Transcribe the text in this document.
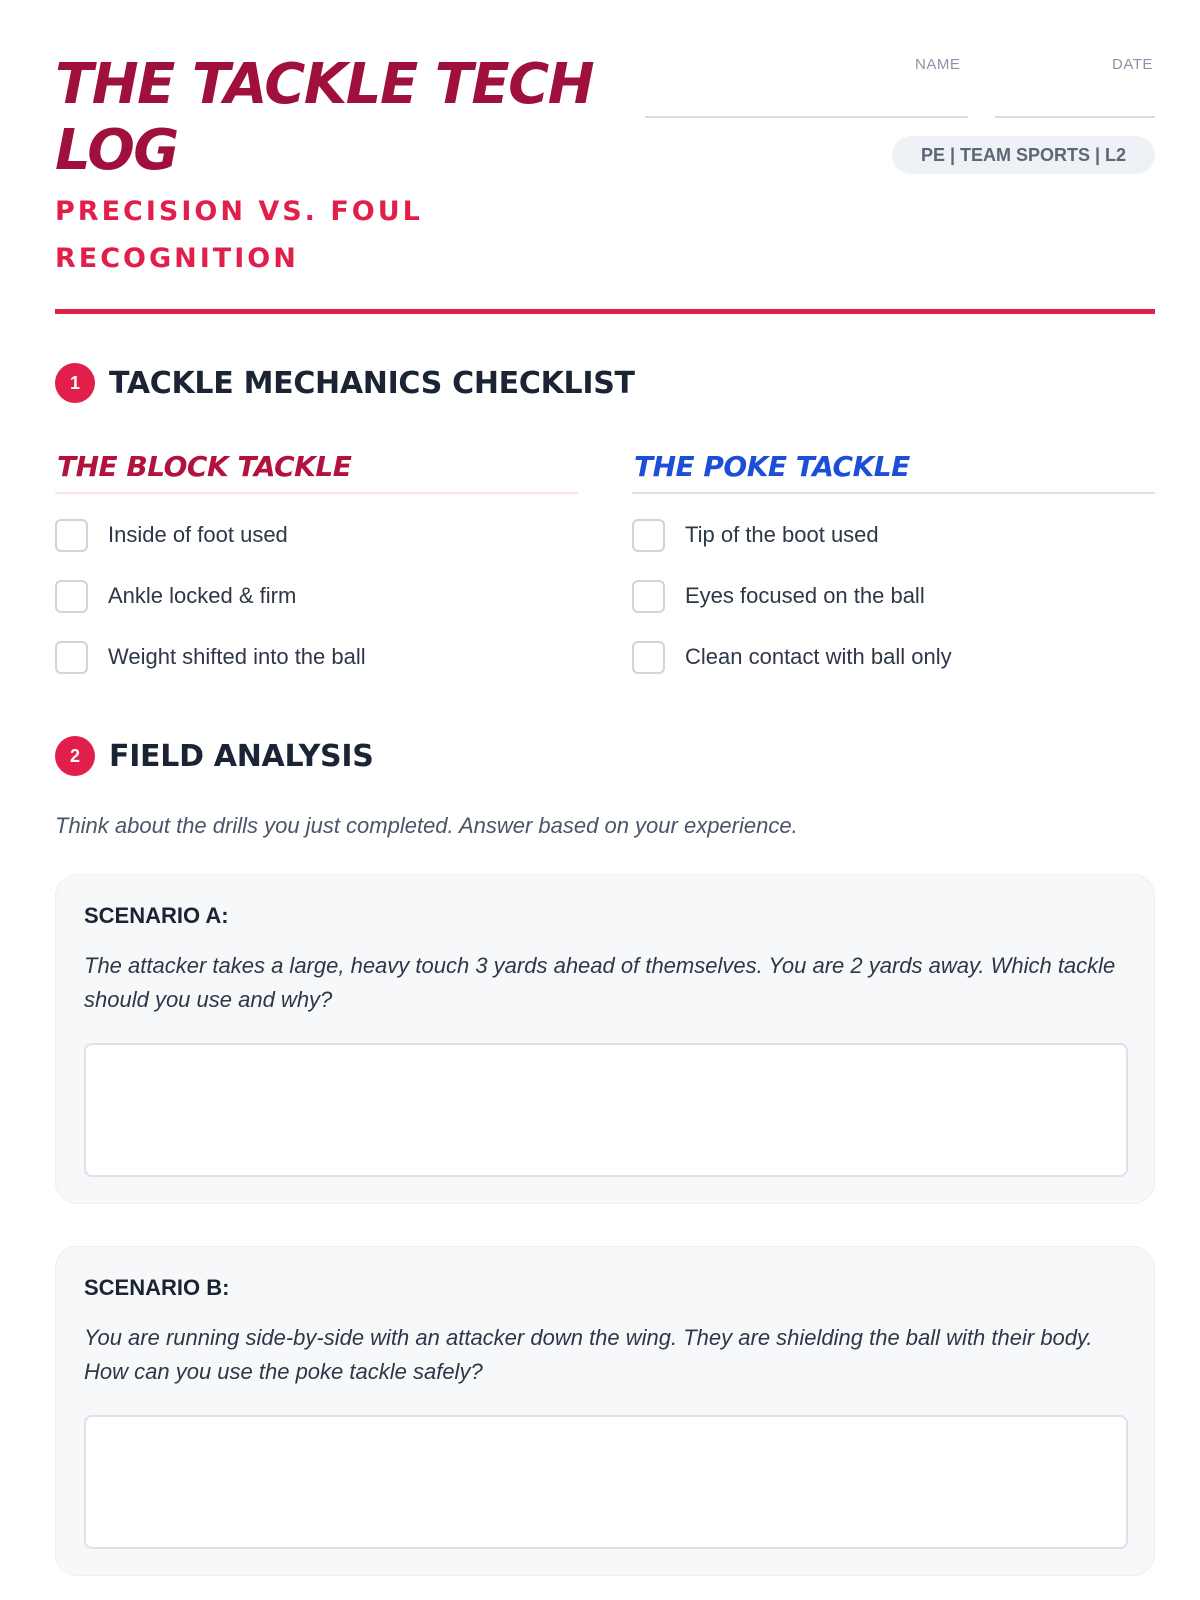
THE TACKLE TECH LOG
PRECISION VS. FOUL RECOGNITION
NAME	DATE
PE | TEAM SPORTS | L2
1 TACKLE MECHANICS CHECKLIST
THE BLOCK TACKLE
Inside of foot used
Ankle locked & firm
Weight shifted into the ball
THE POKE TACKLE
Tip of the boot used
Eyes focused on the ball
Clean contact with ball only
2 FIELD ANALYSIS
Think about the drills you just completed. Answer based on your experience.
SCENARIO A:
The attacker takes a large, heavy touch 3 yards ahead of themselves. You are 2 yards away. Which tackle should you use and why?
SCENARIO B:
You are running side-by-side with an attacker down the wing. They are shielding the ball with their body. How can you use the poke tackle safely?
